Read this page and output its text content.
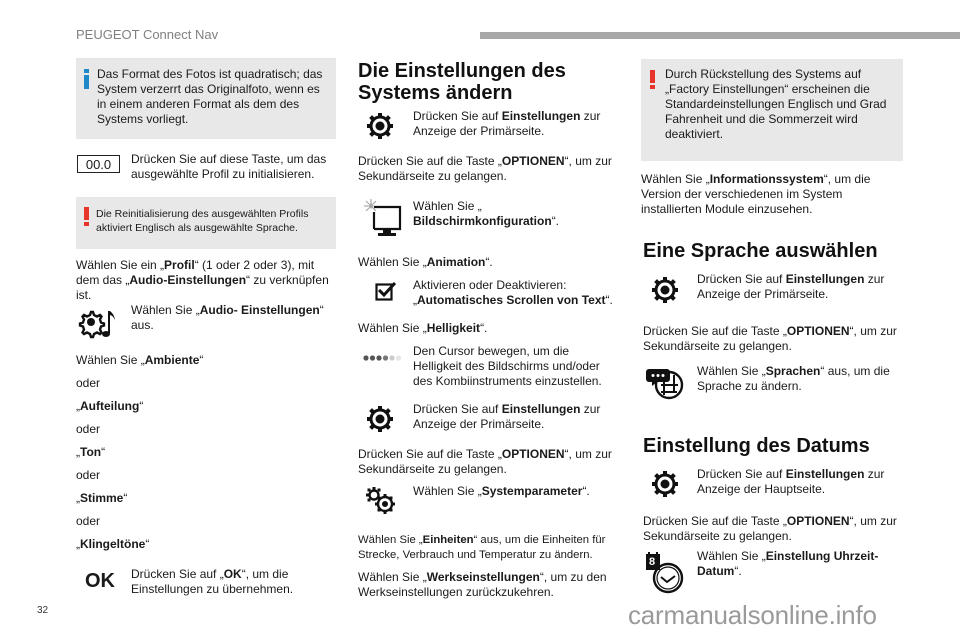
PEUGEOT Connect Nav
Das Format des Fotos ist quadratisch; das System verzerrt das Originalfoto, wenn es in einem anderen Format als dem des Systems vorliegt.
00.0	Drücken Sie auf diese Taste, um das ausgewählte Profil zu initialisieren.
Die Reinitialisierung des ausgewählten Profils aktiviert Englisch als ausgewählte Sprache.
Wählen Sie ein „Profil“ (1 oder 2 oder 3), mit dem das „Audio-Einstellungen“ zu verknüpfen ist.
Wählen Sie „Audio- Einstellungen“ aus.
Wählen Sie „Ambiente“
oder
„Aufteilung“
oder
„Ton“
oder
„Stimme“
oder
„Klingeltöne“
OK Drücken Sie auf „OK“, um die Einstellungen zu übernehmen.
Die Einstellungen des Systems ändern
Drücken Sie auf Einstellungen zur Anzeige der Primärseite.
Drücken Sie auf die Taste „OPTIONEN“, um zur Sekundärseite zu gelangen.
Wählen Sie „
Bildschirmkonfiguration“.
Wählen Sie „Animation“.
Aktivieren oder Deaktivieren: „Automatisches Scrollen von Text“.
Wählen Sie „Helligkeit“.
Den Cursor bewegen, um die Helligkeit des Bildschirms und/oder des Kombiinstruments einzustellen.
Drücken Sie auf Einstellungen zur Anzeige der Primärseite.
Drücken Sie auf die Taste „OPTIONEN“, um zur Sekundärseite zu gelangen.
Wählen Sie „Systemparameter“.
Wählen Sie „Einheiten“ aus, um die Einheiten für Strecke, Verbrauch und Temperatur zu ändern.
Wählen Sie „Werkseinstellungen“, um zu den Werkseinstellungen zurückzukehren.
Durch Rückstellung des Systems auf „Factory Einstellungen“ erscheinen die Standardeinstellungen Englisch und Grad Fahrenheit und die Sommerzeit wird deaktiviert.
Wählen Sie „Informationssystem“, um die Version der verschiedenen im System installierten Module einzusehen.
Eine Sprache auswählen
Drücken Sie auf Einstellungen zur Anzeige der Primärseite.
Drücken Sie auf die Taste „OPTIONEN“, um zur Sekundärseite zu gelangen.
Wählen Sie „Sprachen“ aus, um die Sprache zu ändern.
Einstellung des Datums
Drücken Sie auf Einstellungen zur Anzeige der Hauptseite.
Drücken Sie auf die Taste „OPTIONEN“, um zur Sekundärseite zu gelangen.
8	Wählen Sie „Einstellung Uhrzeit-Datum“.
32	carmanualsonline.info
